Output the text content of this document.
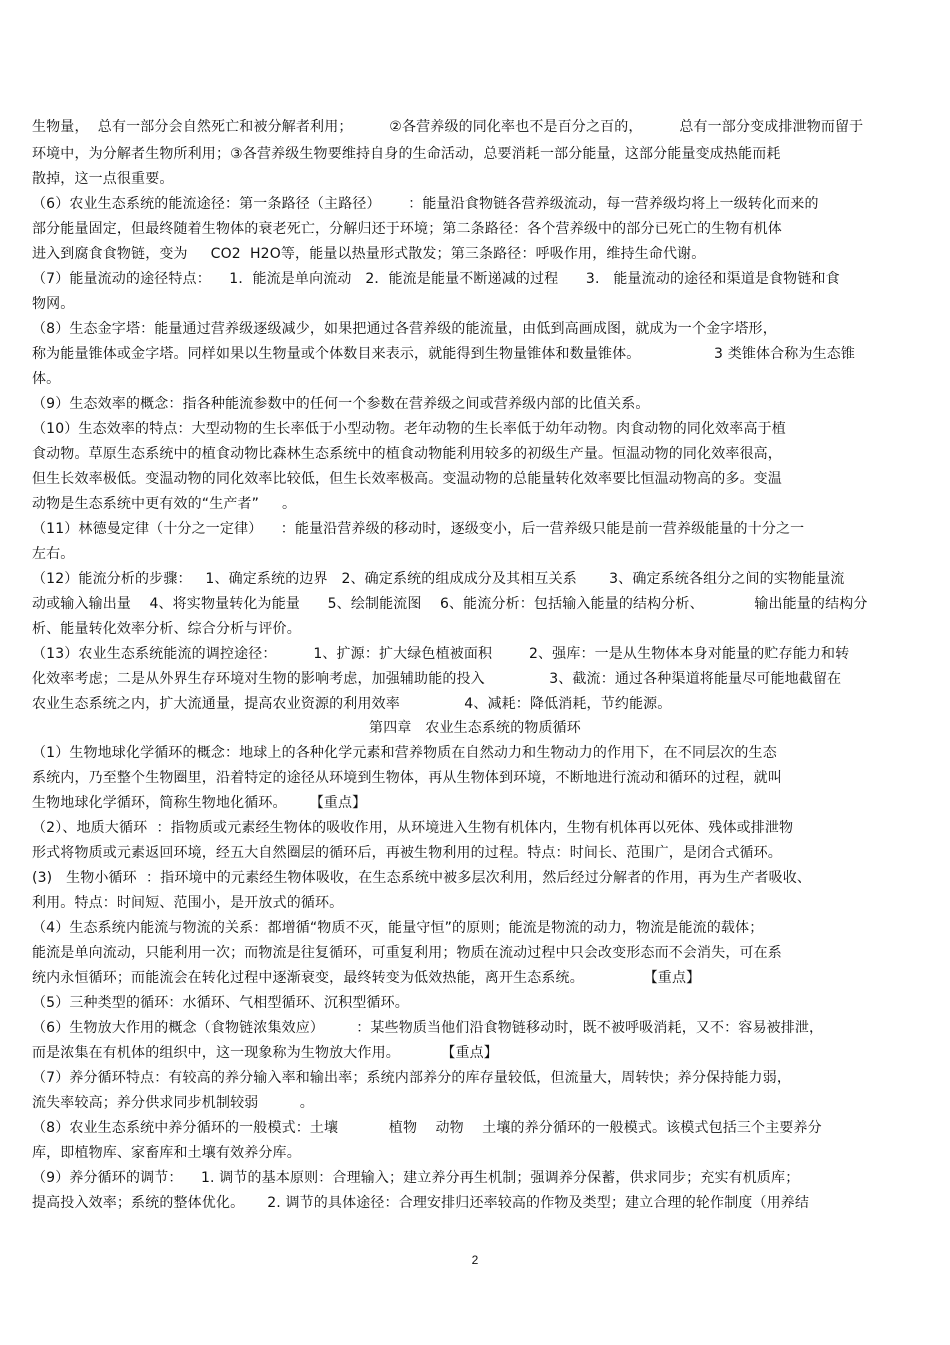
生物量，  总有一部分会自然死亡和被分解者利用；        ②各营养级的同化率也不是百分之百的，        总有一部分变成排泄物而留于
环境中，为分解者生物所利用；③各营养级生物要维持自身的生命活动，总要消耗一部分能量，这部分能量变成热能而耗
散掉，这一点很重要。
（6）农业生态系统的能流途径：第一条路径（主路径）      ：能量沿食物链各营养级流动，每一营养级均将上一级转化而来的
部分能量固定，但最终随着生物体的衰老死亡，分解归还于环境；第二条路径：各个营养级中的部分已死亡的生物有机体
进入到腐食食物链，变为     CO2  H2O等，能量以热量形式散发；第三条路径：呼吸作用，维持生命代谢。
（7）能量流动的途径特点：    1．能流是单向流动   2．能流是能量不断递减的过程      3.   能量流动的途径和渠道是食物链和食
物网。
（8）生态金字塔：能量通过营养级逐级减少，如果把通过各营养级的能流量，由低到高画成图，就成为一个金字塔形，
称为能量锥体或金字塔。同样如果以生物量或个体数目来表示，就能得到生物量锥体和数量锥体。                3 类锥体合称为生态锥
体。
（9）生态效率的概念：指各种能流参数中的任何一个参数在营养级之间或营养级内部的比值关系。
（10）生态效率的特点：大型动物的生长率低于小型动物。老年动物的生长率低于幼年动物。肉食动物的同化效率高于植
食动物。草原生态系统中的植食动物比森林生态系统中的植食动物能利用较多的初级生产量。恒温动物的同化效率很高，
但生长效率极低。变温动物的同化效率比较低，但生长效率极高。变温动物的总能量转化效率要比恒温动物高的多。变温
动物是生态系统中更有效的“生产者”     。
（11）林德曼定律（十分之一定律）    ：能量沿营养级的移动时，逐级变小，后一营养级只能是前一营养级能量的十分之一
左右。
（12）能流分析的步骤：   1、确定系统的边界   2、确定系统的组成成分及其相互关系       3、确定系统各组分之间的实物能量流
动或输入输出量    4、将实物量转化为能量      5、绘制能流图    6、能流分析：包括输入能量的结构分析、           输出能量的结构分
析、能量转化效率分析、综合分析与评价。
（13）农业生态系统能流的调控途径：        1、扩源：扩大绿色植被面积        2、强库：一是从生物体本身对能量的贮存能力和转
化效率考虑；二是从外界生存环境对生物的影响考虑，加强辅助能的投入              3、截流：通过各种渠道将能量尽可能地截留在
农业生态系统之内，扩大流通量，提高农业资源的利用效率              4、减耗：降低消耗，节约能源。
第四章   农业生态系统的物质循环
（1）生物地球化学循环的概念：地球上的各种化学元素和营养物质在自然动力和生物动力的作用下，在不同层次的生态
系统内，乃至整个生物圈里，沿着特定的途径从环境到生物体，再从生物体到环境，不断地进行流动和循环的过程，就叫
生物地球化学循环，简称生物地化循环。     【重点】
（2）、地质大循环  ：指物质或元素经生物体的吸收作用，从环境进入生物有机体内，生物有机体再以死体、残体或排泄物
形式将物质或元素返回环境，经五大自然圈层的循环后，再被生物利用的过程。特点：时间长、范围广，是闭合式循环。
(3)   生物小循环  ：指环境中的元素经生物体吸收，在生态系统中被多层次利用，然后经过分解者的作用，再为生产者吸收、
利用。特点：时间短、范围小，是开放式的循环。
（4）生态系统内能流与物流的关系：都增循“物质不灭，能量守恒”的原则；能流是物流的动力，物流是能流的载体；
能流是单向流动，只能利用一次；而物流是往复循环，可重复利用；物质在流动过程中只会改变形态而不会消失，可在系
统内永恒循环；而能流会在转化过程中逐渐衰变，最终转变为低效热能，离开生态系统。             【重点】
（5）三种类型的循环：水循环、气相型循环、沉积型循环。
（6）生物放大作用的概念（食物链浓集效应）       ：某些物质当他们沿食物链移动时，既不被呼吸消耗，又不：容易被排泄，
而是浓集在有机体的组织中，这一现象称为生物放大作用。         【重点】
（7）养分循环特点：有较高的养分输入率和输出率；系统内部养分的库存量较低，但流量大，周转快；养分保持能力弱，
流失率较高；养分供求同步机制较弱         。
（8）农业生态系统中养分循环的一般模式：土壤           植物    动物    土壤的养分循环的一般模式。该模式包括三个主要养分
库，即植物库、家畜库和土壤有效养分库。
（9）养分循环的调节：    1. 调节的基本原则：合理输入；建立养分再生机制；强调养分保蓄，供求同步；充实有机质库；
提高投入效率；系统的整体优化。     2. 调节的具体途径：合理安排归还率较高的作物及类型；建立合理的轮作制度（用养结
2
